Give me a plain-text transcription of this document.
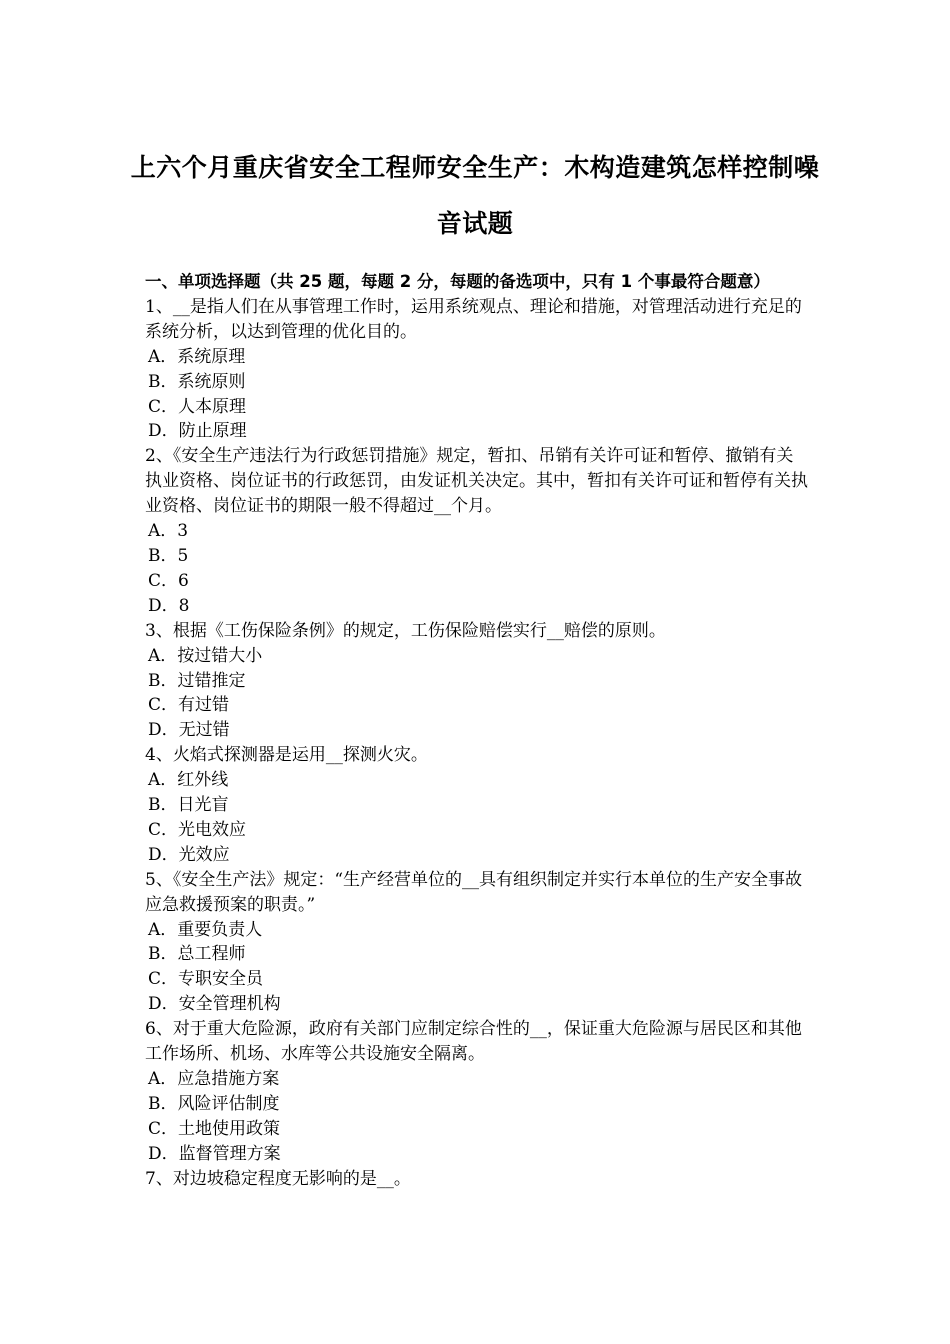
上六个月重庆省安全工程师安全生产：木构造建筑怎样控制噪音试题
一、单项选择题（共 25 题，每题 2 分，每题的备选项中，只有 1 个事最符合题意）
1、__是指人们在从事管理工作时，运用系统观点、理论和措施，对管理活动进行充足的系统分析，以达到管理的优化目的。
A．系统原理
B．系统原则
C．人本原理
D．防止原理
2、《安全生产违法行为行政惩罚措施》规定，暂扣、吊销有关许可证和暂停、撤销有关执业资格、岗位证书的行政惩罚，由发证机关决定。其中，暂扣有关许可证和暂停有关执业资格、岗位证书的期限一般不得超过__个月。
A．3
B．5
C．6
D．8
3、根据《工伤保险条例》的规定，工伤保险赔偿实行__赔偿的原则。
A．按过错大小
B．过错推定
C．有过错
D．无过错
4、火焰式探测器是运用__探测火灾。
A．红外线
B．日光盲
C．光电效应
D．光效应
5、《安全生产法》规定：“生产经营单位的__具有组织制定并实行本单位的生产安全事故应急救援预案的职责。”
A．重要负责人
B．总工程师
C．专职安全员
D．安全管理机构
6、对于重大危险源，政府有关部门应制定综合性的__，保证重大危险源与居民区和其他工作场所、机场、水库等公共设施安全隔离。
A．应急措施方案
B．风险评估制度
C．土地使用政策
D．监督管理方案
7、对边坡稳定程度无影响的是__。
